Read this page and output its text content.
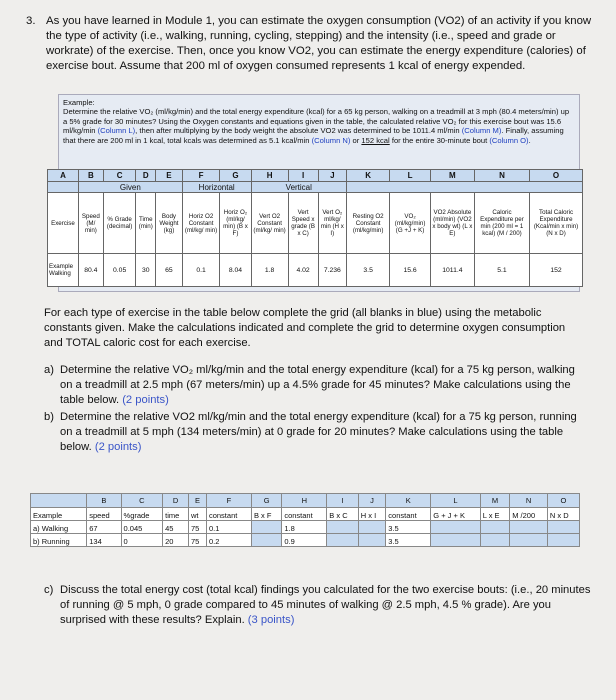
3. As you have learned in Module 1, you can estimate the oxygen consumption (VO2) of an activity if you know the type of activity (i.e., walking, running, cycling, stepping) and the intensity (i.e., speed and grade or workrate) of the exercise. Then, once you know VO2, you can estimate the energy expenditure (calories) of exercise bout. Assume that 200 ml of oxygen consumed represents 1 kcal of energy expended.
Example:
Determine the relative VO₂ (ml/kg/min) and the total energy expenditure (kcal) for a 65 kg person, walking on a treadmill at 3 mph (80.4 meters/min) up a 5% grade for 30 minutes? Using the Oxygen constants and equations given in the table, the calculated relative VO₂ for this exercise bout was 15.6 ml/kg/min (Column L), then after multiplying by the body weight the absolute VO2 was determined to be 1011.4 ml/min (Column M). Finally, assuming that there are 200 ml in 1 kcal, total kcals was determined as 5.1 kcal/min (Column N) or 152 kcal for the entire 30-minute bout (Column O).
A	B	C	D	E	F	G	H	I	J	K	L	M	N	O
	Given				Horizontal		Vertical							
Exercise	Speed (M/ min)	% Grade (decimal)	Time (min)	Body Weight (kg)	Horiz O2 Constant (ml/kg/ min)	Horiz O₂ (ml/kg/ min) (B x F)	Vert O2 Constant (ml/kg/ min)	Vert Speed x grade (B x C)	Vert O₂ ml/kg/ min (H x I)	Resting O2 Constant (ml/kg/min)	VO₂ (ml/kg/min) (G +J + K)	VO2 Absolute (ml/min) (VO2 x body wt) (L x E)	Caloric Expenditure per min (200 ml = 1 kcal) (M / 200)	Total Caloric Expenditure (Kcal/min x min) (N x D)
Example Walking	80.4	0.05	30	65	0.1	8.04	1.8	4.02	7.236	3.5	15.6	1011.4	5.1	152
For each type of exercise in the table below complete the grid (all blanks in blue) using the metabolic constants given. Make the calculations indicated and complete the grid to determine oxygen consumption and TOTAL caloric cost for each exercise.
a) Determine the relative VO₂ ml/kg/min and the total energy expenditure (kcal) for a 75 kg person, walking on a treadmill at 2.5 mph (67 meters/min) up a 4.5% grade for 45 minutes? Make calculations using the table below. (2 points)
b) Determine the relative VO2 ml/kg/min and the total energy expenditure (kcal) for a 75 kg person, running on a treadmill at 5 mph (134 meters/min) at 0 grade for 20 minutes? Make calculations using the table below. (2 points)
	B	C	D	E	F	G	H	I	J	K	L	M	N	O
Example	speed	%grade	time	wt	constant	B x F	constant	B x C	H x I	constant	G + J + K	L x E	M /200	N x D
a) Walking	67	0.045	45	75	0.1		1.8			3.5				
b) Running	134	0	20	75	0.2		0.9			3.5				
c) Discuss the total energy cost (total kcal) findings you calculated for the two exercise bouts: (i.e., 20 minutes of running @ 5 mph, 0 grade compared to 45 minutes of walking @ 2.5 mph, 4.5 % grade). Are you surprised with these results? Explain. (3 points)
